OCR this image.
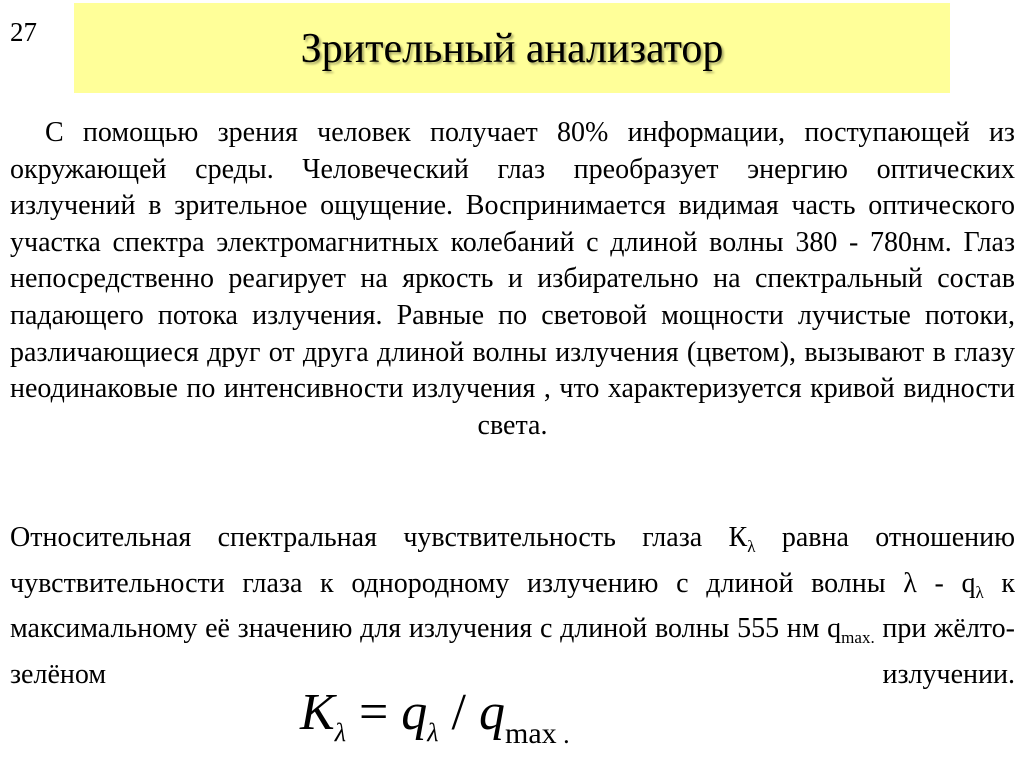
27	Зрительный анализатор
С помощью зрения человек получает 80% информации, поступающей из окружающей среды. Человеческий глаз преобразует энергию оптических излучений в зрительное ощущение. Воспринимается видимая часть оптического участка спектра электромагнитных колебаний с длиной волны 380 - 780нм. Глаз непосредственно реагирует на яркость и избирательно на спектральный состав падающего потока излучения. Равные по световой мощности лучистые потоки, различающиеся друг от друга длиной волны излучения (цветом), вызывают в глазу неодинаковые по интенсивности излучения , что характеризуется кривой видности
света.
Относительная спектральная чувствительность глаза $К_\lambda$ равна отношению чувствительности глаза к однородному излучению с длиной волны λ - $q_\lambda$ к максимальному её значению для излучения с длиной волны 555 нм $q_{max.}$ при жёлто-зелёном излучении.
$K_\lambda = q_\lambda / q_{max}$ $_.$
